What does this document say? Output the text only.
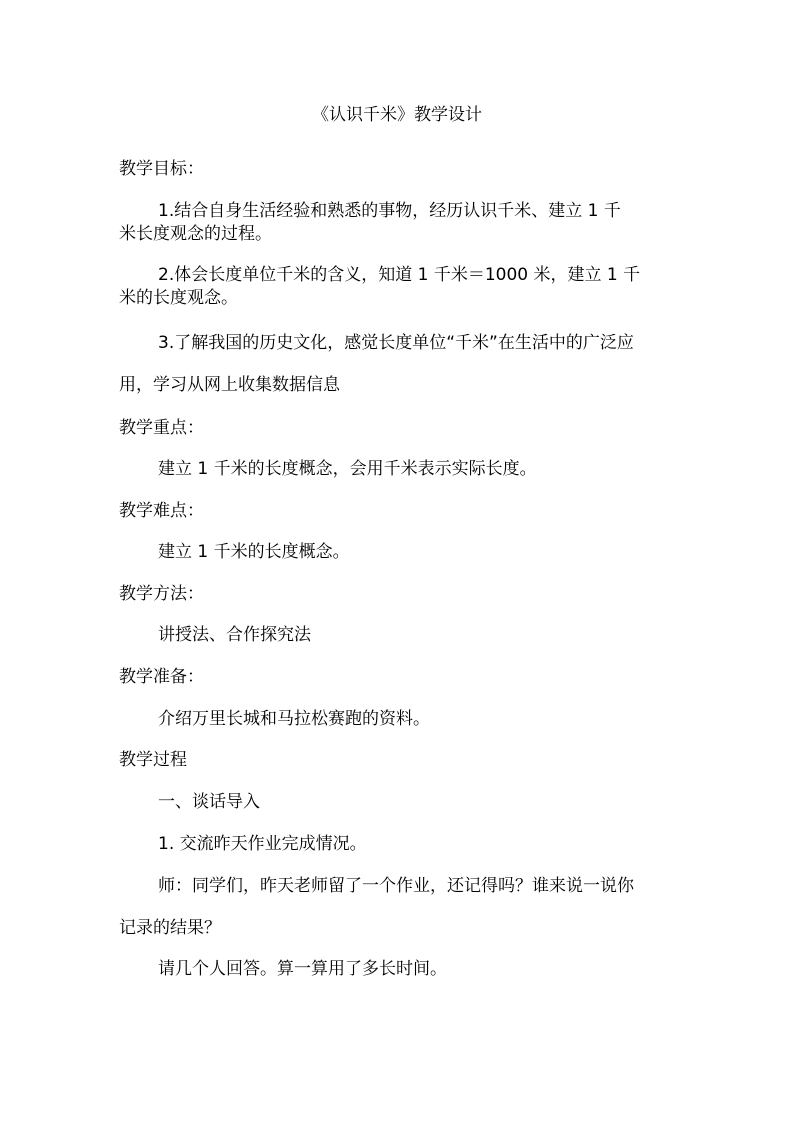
《认识千米》教学设计

教学目标：

1.结合自身生活经验和熟悉的事物，经历认识千米、建立 1 千

米长度观念的过程。

2.体会长度单位千米的含义，知道 1 千米＝1000 米，建立 1 千

米的长度观念。

3.了解我国的历史文化，感觉长度单位“千米”在生活中的广泛应

用，学习从网上收集数据信息

教学重点：

建立 1 千米的长度概念，会用千米表示实际长度。

教学难点：

建立 1 千米的长度概念。

教学方法：

讲授法、合作探究法

教学准备：

介绍万里长城和马拉松赛跑的资料。

教学过程

一、谈话导入

1. 交流昨天作业完成情况。

师：同学们，昨天老师留了一个作业，还记得吗？谁来说一说你

记录的结果？

请几个人回答。算一算用了多长时间。
